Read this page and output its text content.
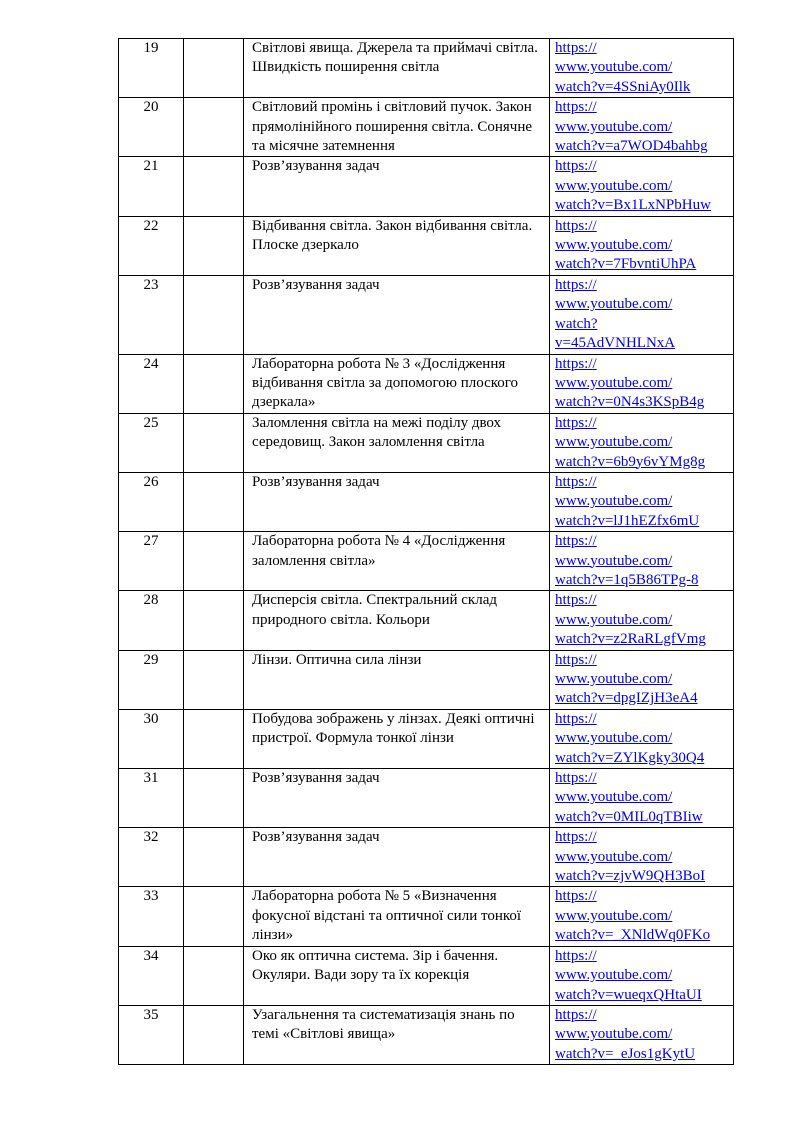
19		Світлові явища. Джерела та приймачі світла. Швидкість поширення світла	https://
www.youtube.com/
watch?v=4SSniAy0Ilk

20		Світловий промінь і світловий пучок. Закон прямолінійного поширення світла. Сонячне та місячне затемнення	https://
www.youtube.com/
watch?v=a7WOD4bahbg

21		Розв’язування задач	https://
www.youtube.com/
watch?v=Bx1LxNPbHuw

22		Відбивання світла. Закон відбивання світла. Плоске дзеркало	https://
www.youtube.com/
watch?v=7FbvntiUhPA

23		Розв’язування задач	https://
www.youtube.com/
watch?
v=45AdVNHLNxA

24		Лабораторна робота № 3 «Дослідження відбивання світла за допомогою плоского дзеркала»	https://
www.youtube.com/
watch?v=0N4s3KSpB4g

25		Заломлення світла на межі поділу двох середовищ. Закон заломлення світла	https://
www.youtube.com/
watch?v=6b9y6vYMg8g

26		Розв’язування задач	https://
www.youtube.com/
watch?v=lJ1hEZfx6mU

27		Лабораторна робота № 4 «Дослідження заломлення світла»	https://
www.youtube.com/
watch?v=1q5B86TPg-8

28		Дисперсія світла. Спектральний склад природного світла. Кольори	https://
www.youtube.com/
watch?v=z2RaRLgfVmg

29		Лінзи. Оптична сила лінзи	https://
www.youtube.com/
watch?v=dpgIZjH3eA4

30		Побудова зображень у лінзах. Деякі оптичні пристрої. Формула тонкої лінзи	https://
www.youtube.com/
watch?v=ZYlKgky30Q4

31		Розв’язування задач	https://
www.youtube.com/
watch?v=0MIL0qTBIiw

32		Розв’язування задач	https://
www.youtube.com/
watch?v=zjvW9QH3BoI

33		Лабораторна робота № 5 «Визначення фокусної відстані та оптичної сили тонкої лінзи»	https://
www.youtube.com/
watch?v=_XNldWq0FKo

34		Око як оптична система. Зір і бачення. Окуляри. Вади зору та їх корекція	https://
www.youtube.com/
watch?v=wueqxQHtaUI

35		Узагальнення та систематизація знань по темі «Світлові явища»	https://
www.youtube.com/
watch?v=_eJos1gKytU
